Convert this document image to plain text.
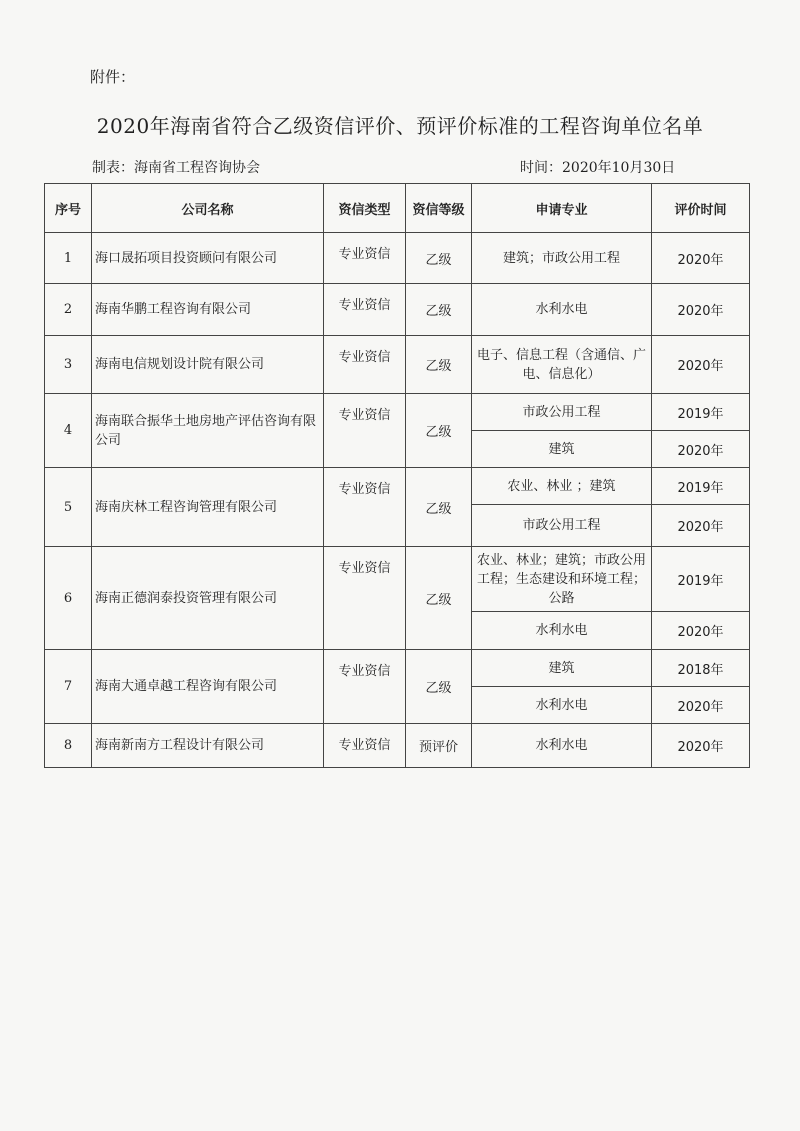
附件：
2020年海南省符合乙级资信评价、预评价标准的工程咨询单位名单
制表：海南省工程咨询协会	时间：2020年10月30日
序号	公司名称	资信类型	资信等级	申请专业	评价时间
1	海口晟拓项目投资顾问有限公司	专业资信	乙级	建筑；市政公用工程	2020年
2	海南华鹏工程咨询有限公司	专业资信	乙级	水利水电	2020年
3	海南电信规划设计院有限公司	专业资信	乙级	电子、信息工程（含通信、广电、信息化）	2020年
4	海南联合振华土地房地产评估咨询有限公司	专业资信	乙级	市政公用工程	2019年
				建筑	2020年
5	海南庆林工程咨询管理有限公司	专业资信	乙级	农业、林业 ；建筑	2019年
				市政公用工程	2020年
6	海南正德润泰投资管理有限公司	专业资信	乙级	农业、林业；建筑；市政公用工程；生态建设和环境工程；公路	2019年
				水利水电	2020年
7	海南大通卓越工程咨询有限公司	专业资信	乙级	建筑	2018年
				水利水电	2020年
8	海南新南方工程设计有限公司	专业资信	预评价	水利水电	2020年
